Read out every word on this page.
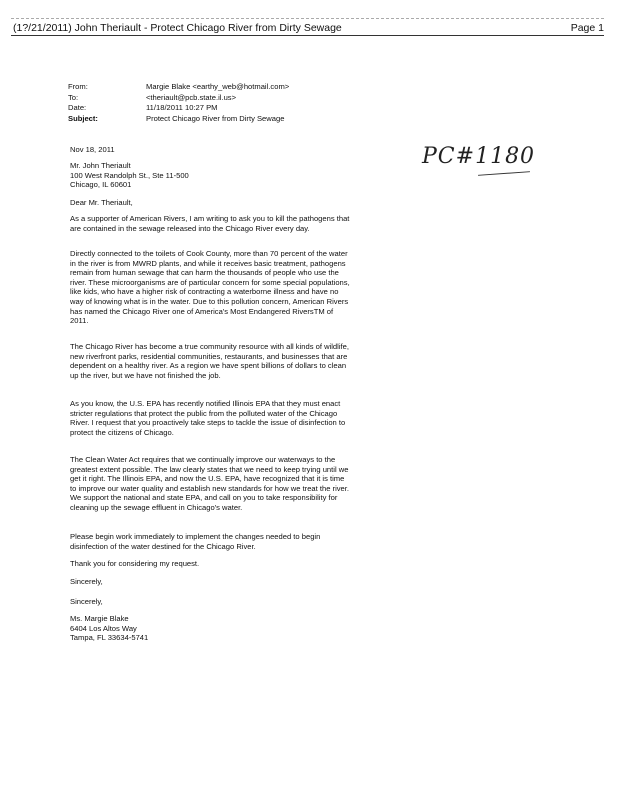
(1?/21/2011) John Theriault - Protect Chicago River from Dirty Sewage	Page 1
From:	Margie Blake <earthy_web@hotmail.com>
To:	<theriault@pcb.state.il.us>
Date:	11/18/2011 10:27 PM
Subject:	Protect Chicago River from Dirty Sewage
PC#1180
Nov 18, 2011

Mr. John Theriault

100 West Randolph St., Ste 11-500

Chicago, IL 60601

Dear Mr. Theriault,

As a supporter of American Rivers, I am writing to ask you to kill the pathogens that are contained in the sewage released into the Chicago River every day.

Directly connected to the toilets of Cook County, more than 70 percent of the water in the river is from MWRD plants, and while it receives basic treatment, pathogens remain from human sewage that can harm the thousands of people who use the river. These microorganisms are of particular concern for some special populations, like kids, who have a higher risk of contracting a waterborne illness and have no way of knowing what is in the water. Due to this pollution concern, American Rivers has named the Chicago River one of America's Most Endangered RiversTM of 2011.

The Chicago River has become a true community resource with all kinds of wildlife, new riverfront parks, residential communities, restaurants, and businesses that are dependent on a healthy river. As a region we have spent billions of dollars to clean up the river, but we have not finished the job.

As you know, the U.S. EPA has recently notified Illinois EPA that they must enact stricter regulations that protect the public from the polluted water of the Chicago River. I request that you proactively take steps to tackle the issue of disinfection to protect the citizens of Chicago.

The Clean Water Act requires that we continually improve our waterways to the greatest extent possible. The law clearly states that we need to keep trying until we get it right. The Illinois EPA, and now the U.S. EPA, have recognized that it is time to improve our water quality and establish new standards for how we treat the river. We support the national and state EPA, and call on you to take responsibility for cleaning up the sewage effluent in Chicago's water.

Please begin work immediately to implement the changes needed to begin disinfection of the water destined for the Chicago River.

Thank you for considering my request.

Sincerely,
Sincerely,

Ms. Margie Blake

6404 Los Altos Way

Tampa, FL 33634-5741
